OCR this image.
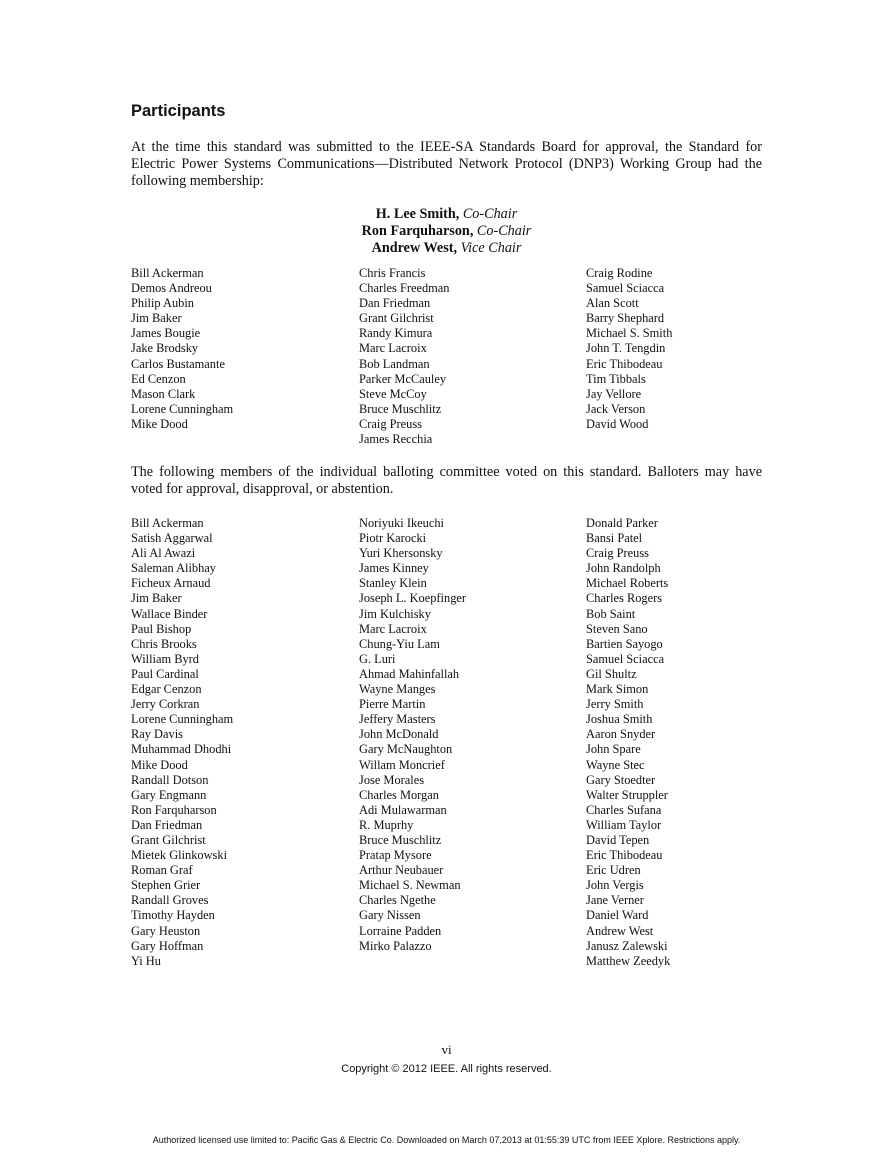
Participants
At the time this standard was submitted to the IEEE-SA Standards Board for approval, the Standard for Electric Power Systems Communications—Distributed Network Protocol (DNP3) Working Group had the following membership:
H. Lee Smith, Co-Chair
Ron Farquharson, Co-Chair
Andrew West, Vice Chair
Bill Ackerman
Demos Andreou
Philip Aubin
Jim Baker
James Bougie
Jake Brodsky
Carlos Bustamante
Ed Cenzon
Mason Clark
Lorene Cunningham
Mike Dood
Chris Francis
Charles Freedman
Dan Friedman
Grant Gilchrist
Randy Kimura
Marc Lacroix
Bob Landman
Parker McCauley
Steve McCoy
Bruce Muschlitz
Craig Preuss
James Recchia
Craig Rodine
Samuel Sciacca
Alan Scott
Barry Shephard
Michael S. Smith
John T. Tengdin
Eric Thibodeau
Tim Tibbals
Jay Vellore
Jack Verson
David Wood
The following members of the individual balloting committee voted on this standard. Balloters may have voted for approval, disapproval, or abstention.
Bill Ackerman
Satish Aggarwal
Ali Al Awazi
Saleman Alibhay
Ficheux Arnaud
Jim Baker
Wallace Binder
Paul Bishop
Chris Brooks
William Byrd
Paul Cardinal
Edgar Cenzon
Jerry Corkran
Lorene Cunningham
Ray Davis
Muhammad Dhodhi
Mike Dood
Randall Dotson
Gary Engmann
Ron Farquharson
Dan Friedman
Grant Gilchrist
Mietek Glinkowski
Roman Graf
Stephen Grier
Randall Groves
Timothy Hayden
Gary Heuston
Gary Hoffman
Yi Hu
Noriyuki Ikeuchi
Piotr Karocki
Yuri Khersonsky
James Kinney
Stanley Klein
Joseph L. Koepfinger
Jim Kulchisky
Marc Lacroix
Chung-Yiu Lam
G. Luri
Ahmad Mahinfallah
Wayne Manges
Pierre Martin
Jeffery Masters
John McDonald
Gary McNaughton
Willam Moncrief
Jose Morales
Charles Morgan
Adi Mulawarman
R. Muprhy
Bruce Muschlitz
Pratap Mysore
Arthur Neubauer
Michael S. Newman
Charles Ngethe
Gary Nissen
Lorraine Padden
Mirko Palazzo
Donald Parker
Bansi Patel
Craig Preuss
John Randolph
Michael Roberts
Charles Rogers
Bob Saint
Steven Sano
Bartien Sayogo
Samuel Sciacca
Gil Shultz
Mark Simon
Jerry Smith
Joshua Smith
Aaron Snyder
John Spare
Wayne Stec
Gary Stoedter
Walter Struppler
Charles Sufana
William Taylor
David Tepen
Eric Thibodeau
Eric Udren
John Vergis
Jane Verner
Daniel Ward
Andrew West
Janusz Zalewski
Matthew Zeedyk
vi
Copyright © 2012 IEEE. All rights reserved.
Authorized licensed use limited to: Pacific Gas & Electric Co. Downloaded on March 07,2013 at 01:55:39 UTC from IEEE Xplore. Restrictions apply.
